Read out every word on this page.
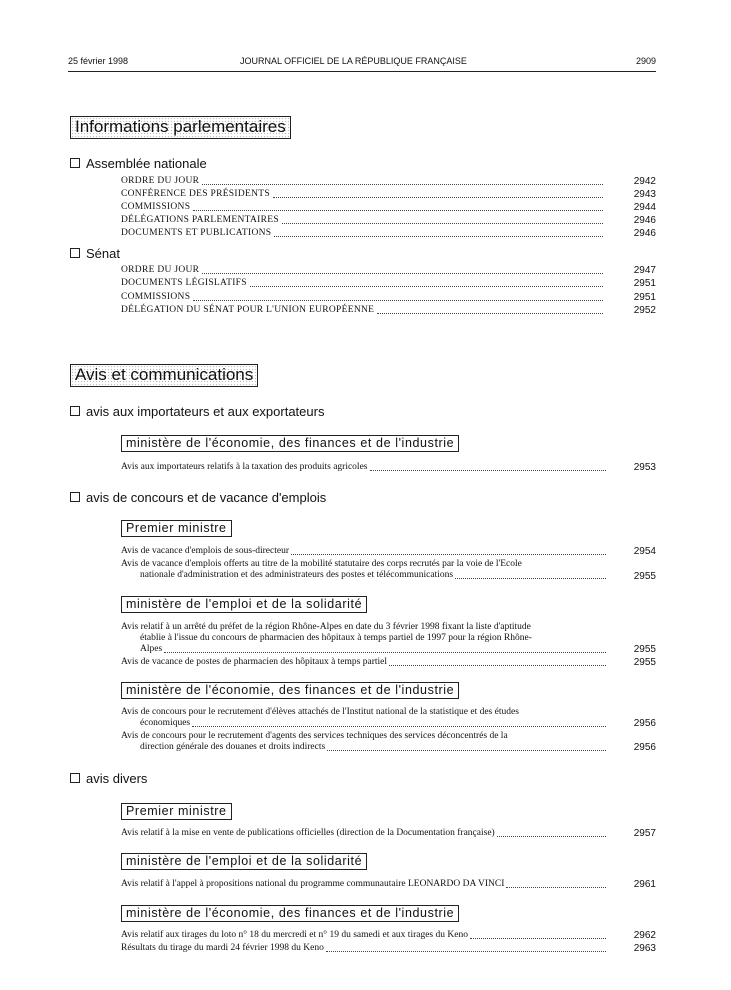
25 février 1998	JOURNAL OFFICIEL DE LA RÉPUBLIQUE FRANÇAISE	2909
Informations parlementaires
Assemblée nationale
ORDRE DU JOUR	2942
CONFÉRENCE DES PRÉSIDENTS	2943
COMMISSIONS	2944
DÉLÉGATIONS PARLEMENTAIRES	2946
DOCUMENTS ET PUBLICATIONS	2946
Sénat
ORDRE DU JOUR	2947
DOCUMENTS LÉGISLATIFS	2951
COMMISSIONS	2951
DÉLÉGATION DU SÉNAT POUR L'UNION EUROPÉENNE	2952
Avis et communications
avis aux importateurs et aux exportateurs
ministère de l'économie, des finances et de l'industrie
Avis aux importateurs relatifs à la taxation des produits agricoles	2953
avis de concours et de vacance d'emplois
Premier ministre
Avis de vacance d'emplois de sous-directeur	2954
Avis de vacance d'emplois offerts au titre de la mobilité statutaire des corps recrutés par la voie de l'Ecole
nationale d'administration et des administrateurs des postes et télécommunications	2955
ministère de l'emploi et de la solidarité
Avis relatif à un arrêté du préfet de la région Rhône-Alpes en date du 3 février 1998 fixant la liste d'aptitude
établie à l'issue du concours de pharmacien des hôpitaux à temps partiel de 1997 pour la région Rhône-
Alpes	2955
Avis de vacance de postes de pharmacien des hôpitaux à temps partiel	2955
ministère de l'économie, des finances et de l'industrie
Avis de concours pour le recrutement d'élèves attachés de l'Institut national de la statistique et des études
économiques	2956
Avis de concours pour le recrutement d'agents des services techniques des services déconcentrés de la
direction générale des douanes et droits indirects	2956
avis divers
Premier ministre
Avis relatif à la mise en vente de publications officielles (direction de la Documentation française)	2957
ministère de l'emploi et de la solidarité
Avis relatif à l'appel à propositions national du programme communautaire LEONARDO DA VINCI	2961
ministère de l'économie, des finances et de l'industrie
Avis relatif aux tirages du loto n° 18 du mercredi et n° 19 du samedi et aux tirages du Keno	2962
Résultats du tirage du mardi 24 février 1998 du Keno	2963
